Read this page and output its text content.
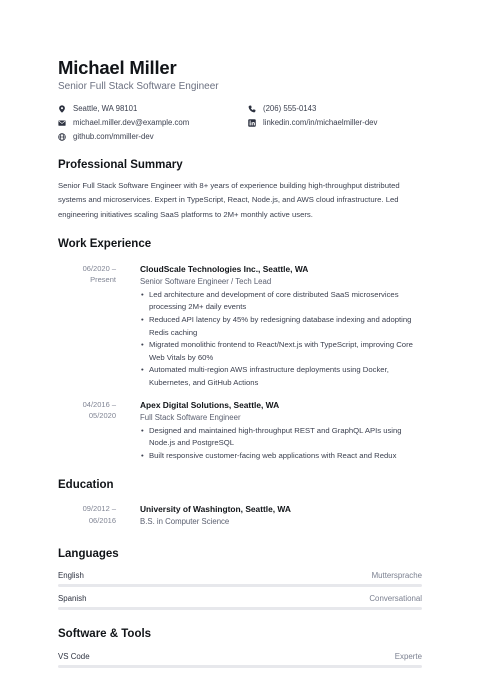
Michael Miller
Senior Full Stack Software Engineer
Seattle, WA 98101	(206) 555-0143
michael.miller.dev@example.com	linkedin.com/in/michaelmiller-dev
github.com/mmiller-dev
Professional Summary

Senior Full Stack Software Engineer with 8+ years of experience building high-throughput distributed systems and microservices. Expert in TypeScript, React, Node.js, and AWS cloud infrastructure. Led engineering initiatives scaling SaaS platforms to 2M+ monthly active users.

Work Experience
06/2020 –
Present
CloudScale Technologies Inc., Seattle, WA
Senior Software Engineer / Tech Lead
• Led architecture and development of core distributed SaaS microservices processing 2M+ daily events
• Reduced API latency by 45% by redesigning database indexing and adopting Redis caching
• Migrated monolithic frontend to React/Next.js with TypeScript, improving Core Web Vitals by 60%
• Automated multi-region AWS infrastructure deployments using Docker, Kubernetes, and GitHub Actions
04/2016 –
05/2020
Apex Digital Solutions, Seattle, WA
Full Stack Software Engineer
• Designed and maintained high-throughput REST and GraphQL APIs using Node.js and PostgreSQL
• Built responsive customer-facing web applications with React and Redux
Education
09/2012 –
06/2016
University of Washington, Seattle, WA
B.S. in Computer Science
Languages
English	Muttersprache
Spanish	Conversational
Software & Tools
VS Code	Experte
